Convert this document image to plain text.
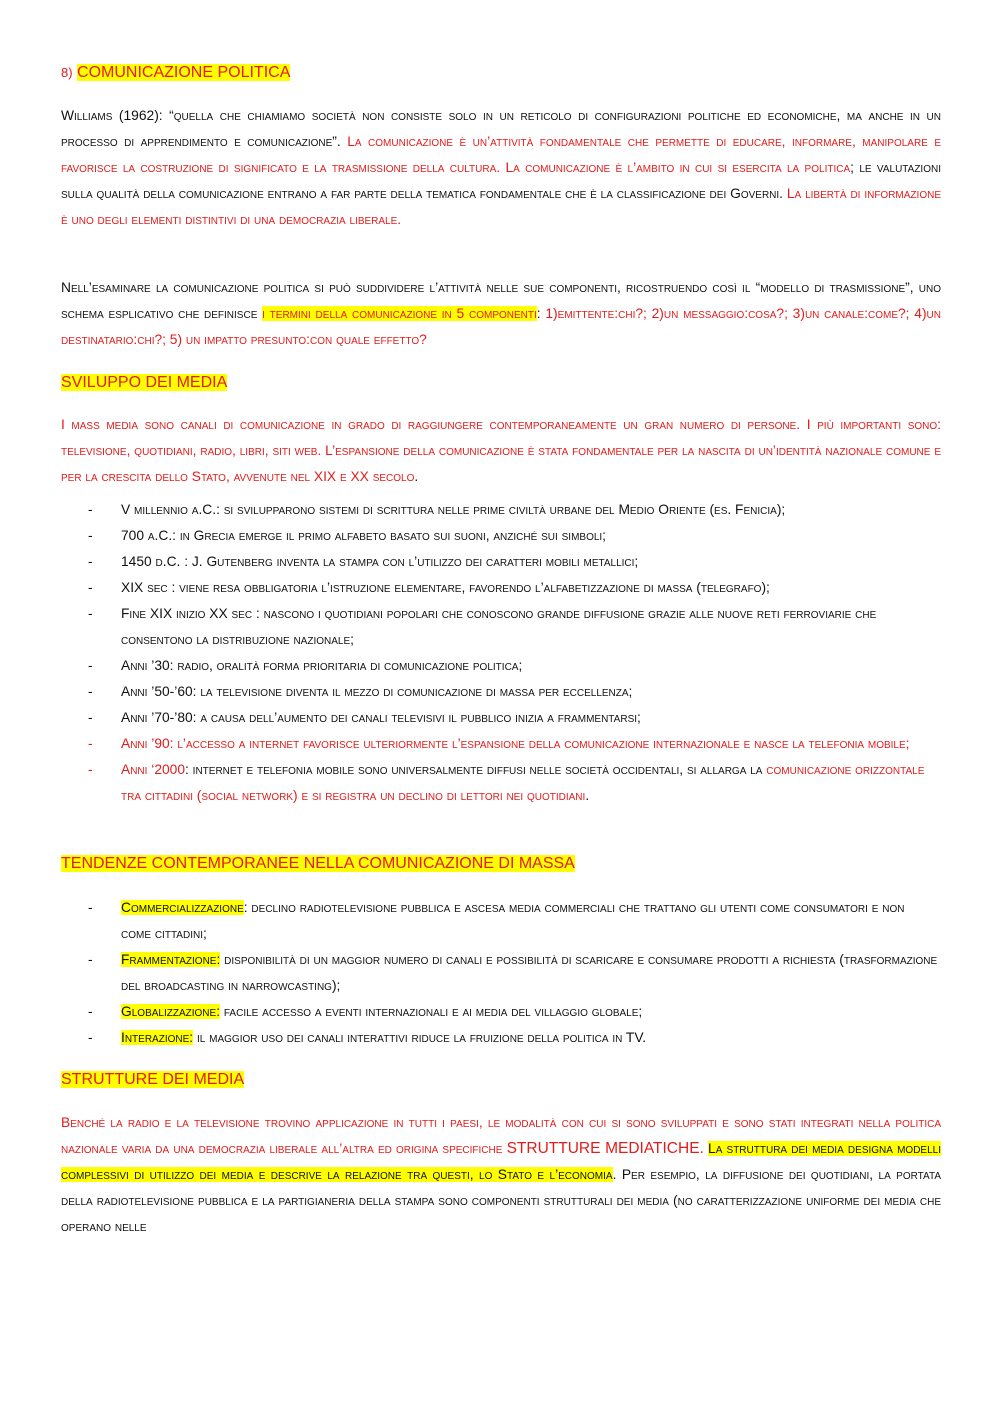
8) COMUNICAZIONE POLITICA

Williams (1962): “quella che chiamiamo società non consiste solo in un reticolo di configurazioni politiche ed economiche, ma anche in un processo di apprendimento e comunicazione”. La comunicazione è un’attività fondamentale che permette di educare, informare, manipolare e favorisce la costruzione di significato e la trasmissione della cultura. La comunicazione è l’ambito in cui si esercita la politica; le valutazioni sulla qualità della comunicazione entrano a far parte della tematica fondamentale che è la classificazione dei Governi. La libertà di informazione è uno degli elementi distintivi di una democrazia liberale.

Nell’esaminare la comunicazione politica si può suddividere l’attività nelle sue componenti, ricostruendo così il “modello di trasmissione”, uno schema esplicativo che definisce i termini della comunicazione in 5 componenti: 1)emittente:chi?; 2)un messaggio:cosa?; 3)un canale:come?; 4)un destinatario:chi?; 5) un impatto presunto:con quale effetto?

SVILUPPO DEI MEDIA

I mass media sono canali di comunicazione in grado di raggiungere contemporaneamente un gran numero di persone. I più importanti sono: televisione, quotidiani, radio, libri, siti web. L’espansione della comunicazione è stata fondamentale per la nascita di un’identità nazionale comune e per la crescita dello Stato, avvenute nel XIX e XX secolo.

- V millennio a.C.: si svilupparono sistemi di scrittura nelle prime civiltà urbane del Medio Oriente (es. Fenicia);
- 700 a.C.: in Grecia emerge il primo alfabeto basato sui suoni, anziché sui simboli;
- 1450 d.C. : J. Gutenberg inventa la stampa con l’utilizzo dei caratteri mobili metallici;
- XIX sec : viene resa obbligatoria l’istruzione elementare, favorendo l’alfabetizzazione di massa (telegrafo);
- Fine XIX inizio XX sec : nascono i quotidiani popolari che conoscono grande diffusione grazie alle nuove reti ferroviarie che consentono la distribuzione nazionale;
- Anni ’30: radio, oralità forma prioritaria di comunicazione politica;
- Anni ’50-’60: la televisione diventa il mezzo di comunicazione di massa per eccellenza;
- Anni ’70-’80: a causa dell’aumento dei canali televisivi il pubblico inizia a frammentarsi;
- Anni ’90: l’accesso a internet favorisce ulteriormente l’espansione della comunicazione internazionale e nasce la telefonia mobile;
- Anni ‘2000: internet e telefonia mobile sono universalmente diffusi nelle società occidentali, si allarga la comunicazione orizzontale tra cittadini (social network) e si registra un declino di lettori nei quotidiani.
TENDENZE CONTEMPORANEE NELLA COMUNICAZIONE DI MASSA
- Commercializzazione: declino radiotelevisione pubblica e ascesa media commerciali che trattano gli utenti come consumatori e non come cittadini;
- Frammentazione: disponibilità di un maggior numero di canali e possibilità di scaricare e consumare prodotti a richiesta (trasformazione del broadcasting in narrowcasting);
- Globalizzazione: facile accesso a eventi internazionali e ai media del villaggio globale;
- Interazione: il maggior uso dei canali interattivi riduce la fruizione della politica in TV.
STRUTTURE DEI MEDIA

Benché la radio e la televisione trovino applicazione in tutti i paesi, le modalità con cui si sono sviluppati e sono stati integrati nella politica nazionale varia da una democrazia liberale all’altra ed origina specifiche STRUTTURE MEDIATICHE. La struttura dei media designa modelli complessivi di utilizzo dei media e descrive la relazione tra questi, lo Stato e l’economia. Per esempio, la diffusione dei quotidiani, la portata della radiotelevisione pubblica e la partigianeria della stampa sono componenti strutturali dei media (no caratterizzazione uniforme dei media che operano nelle
